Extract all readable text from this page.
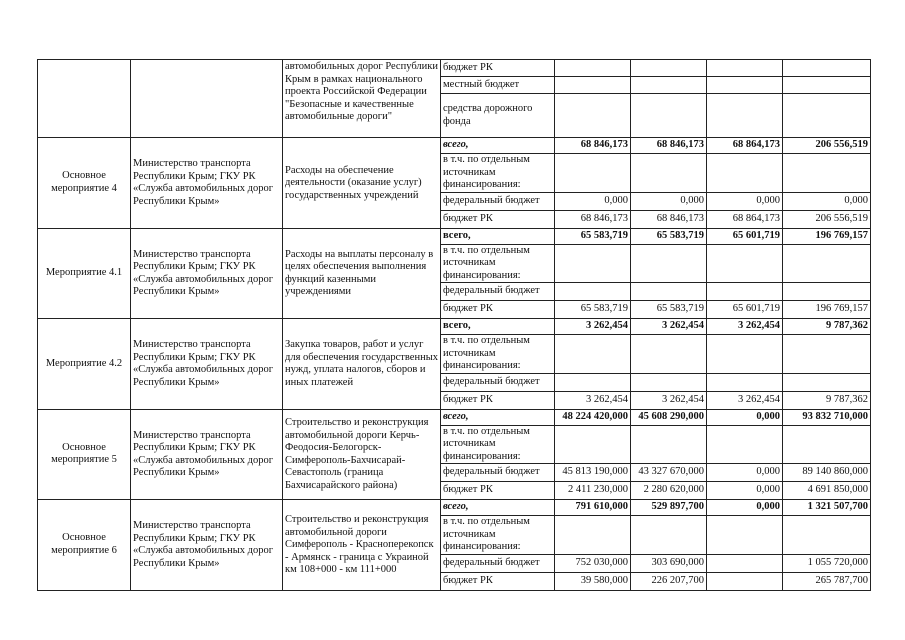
		автомобильных дорог Республики Крым в рамках национального проекта Российской Федерации "Безопасные и качественные автомобильные дороги"	бюджет РК				
			местный бюджет				
			средства дорожного фонда				
Основное мероприятие 4	Министерство транспорта Республики Крым; ГКУ РК «Служба автомобильных дорог Республики Крым»	Расходы на обеспечение деятельности (оказание услуг) государственных учреждений	всего,	68 846,173	68 846,173	68 864,173	206 556,519
			в т.ч. по отдельным источникам финансирования:				
			федеральный бюджет	0,000	0,000	0,000	0,000
			бюджет РК	68 846,173	68 846,173	68 864,173	206 556,519
Мероприятие 4.1	Министерство транспорта Республики Крым; ГКУ РК «Служба автомобильных дорог Республики Крым»	Расходы на выплаты персоналу в целях обеспечения выполнения функций казенными учреждениями	всего,	65 583,719	65 583,719	65 601,719	196 769,157
			в т.ч. по отдельным источникам финансирования:				
			федеральный бюджет				
			бюджет РК	65 583,719	65 583,719	65 601,719	196 769,157
Мероприятие 4.2	Министерство транспорта Республики Крым; ГКУ РК «Служба автомобильных дорог Республики Крым»	Закупка товаров, работ и услуг для обеспечения государственных нужд, уплата налогов, сборов и иных платежей	всего,	3 262,454	3 262,454	3 262,454	9 787,362
			в т.ч. по отдельным источникам финансирования:				
			федеральный бюджет				
			бюджет РК	3 262,454	3 262,454	3 262,454	9 787,362
Основное мероприятие 5	Министерство транспорта Республики Крым; ГКУ РК «Служба автомобильных дорог Республики Крым»	Строительство и реконструкция автомобильной дороги Керчь-Феодосия-Белогорск-Симферополь-Бахчисарай-Севастополь (граница Бахчисарайского района)	всего,	48 224 420,000	45 608 290,000	0,000	93 832 710,000
			в т.ч. по отдельным источникам финансирования:				
			федеральный бюджет	45 813 190,000	43 327 670,000	0,000	89 140 860,000
			бюджет РК	2 411 230,000	2 280 620,000	0,000	4 691 850,000
Основное мероприятие 6	Министерство транспорта Республики Крым; ГКУ РК «Служба автомобильных дорог Республики Крым»	Строительство и реконструкция автомобильной дороги Симферополь - Красноперекопск - Армянск - граница с Украиной км 108+000 - км 111+000	всего,	791 610,000	529 897,700	0,000	1 321 507,700
			в т.ч. по отдельным источникам финансирования:				
			федеральный бюджет	752 030,000	303 690,000		1 055 720,000
			бюджет РК	39 580,000	226 207,700		265 787,700
